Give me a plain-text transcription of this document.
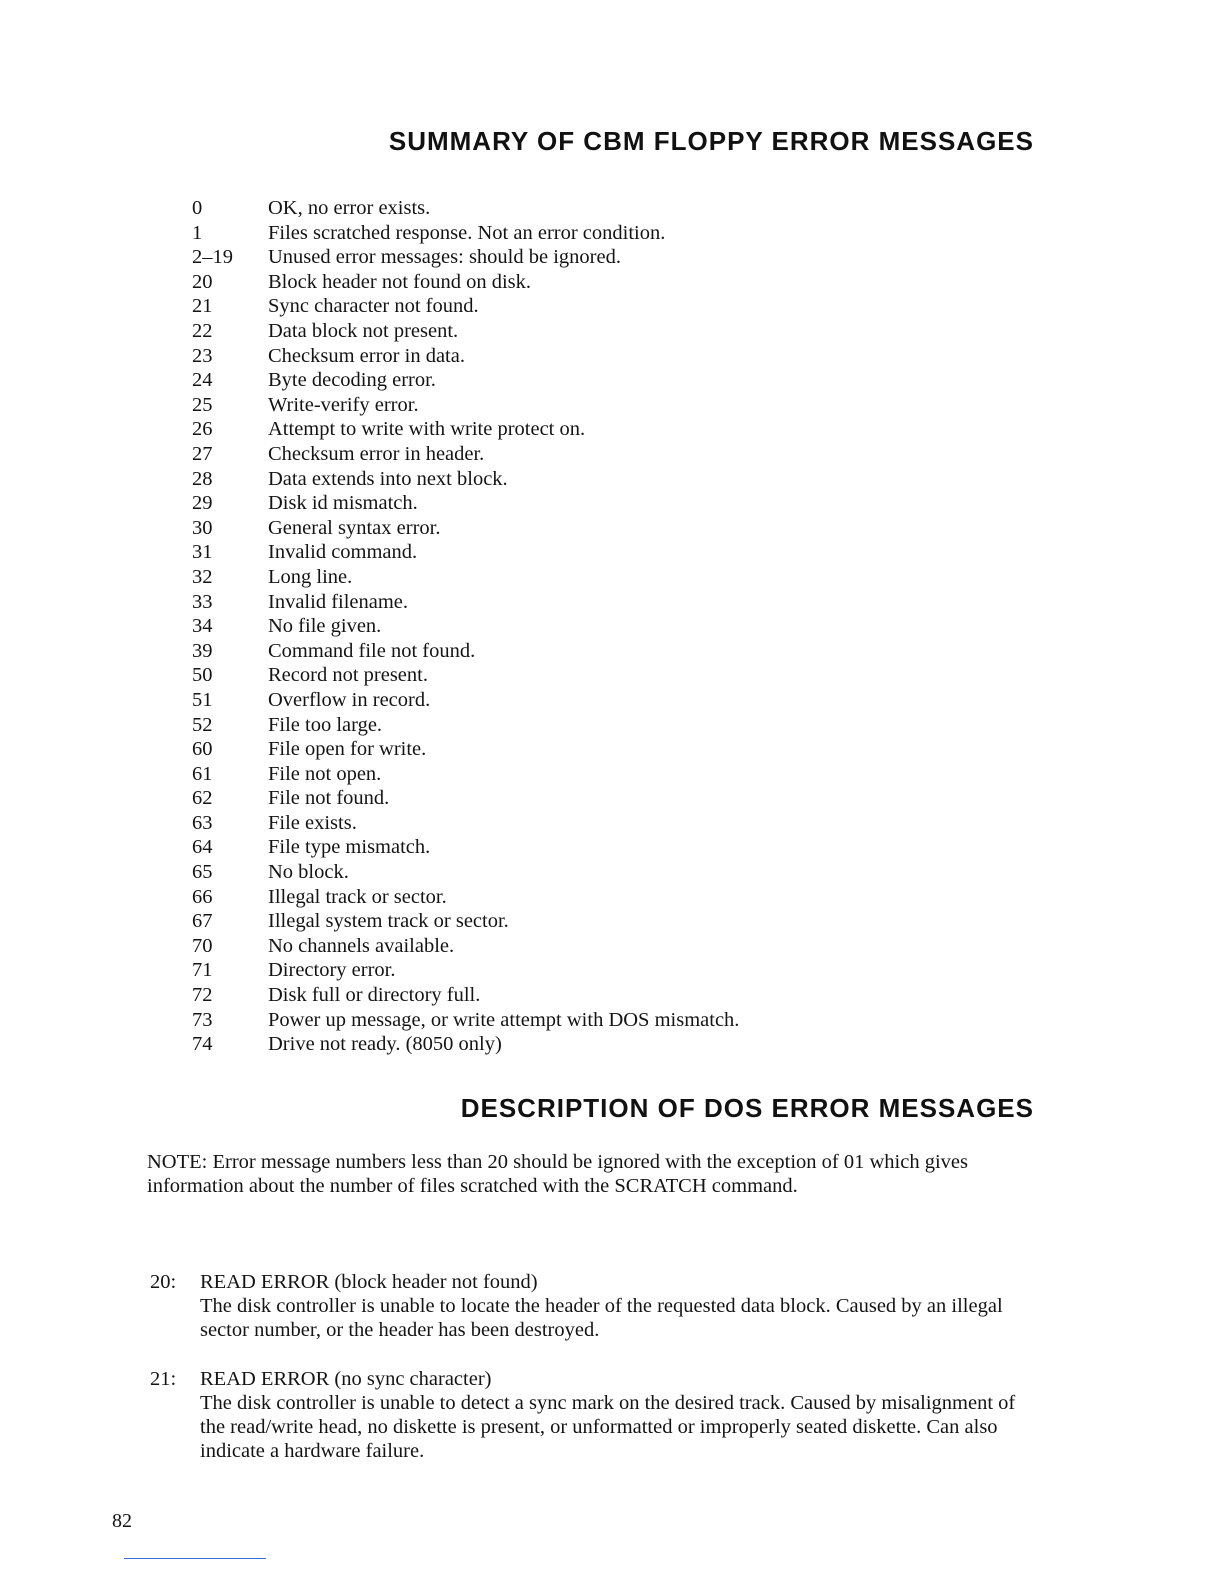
SUMMARY OF CBM FLOPPY ERROR MESSAGES
0	OK, no error exists.
1	Files scratched response. Not an error condition.
2–19	Unused error messages: should be ignored.
20	Block header not found on disk.
21	Sync character not found.
22	Data block not present.
23	Checksum error in data.
24	Byte decoding error.
25	Write-verify error.
26	Attempt to write with write protect on.
27	Checksum error in header.
28	Data extends into next block.
29	Disk id mismatch.
30	General syntax error.
31	Invalid command.
32	Long line.
33	Invalid filename.
34	No file given.
39	Command file not found.
50	Record not present.
51	Overflow in record.
52	File too large.
60	File open for write.
61	File not open.
62	File not found.
63	File exists.
64	File type mismatch.
65	No block.
66	Illegal track or sector.
67	Illegal system track or sector.
70	No channels available.
71	Directory error.
72	Disk full or directory full.
73	Power up message, or write attempt with DOS mismatch.
74	Drive not ready. (8050 only)
DESCRIPTION OF DOS ERROR MESSAGES
NOTE: Error message numbers less than 20 should be ignored with the exception of 01 which gives information about the number of files scratched with the SCRATCH command.
20: READ ERROR (block header not found)
The disk controller is unable to locate the header of the requested data block. Caused by an illegal sector number, or the header has been destroyed.
21: READ ERROR (no sync character)
The disk controller is unable to detect a sync mark on the desired track. Caused by misalignment of the read/write head, no diskette is present, or unformatted or improperly seated diskette. Can also indicate a hardware failure.
82
